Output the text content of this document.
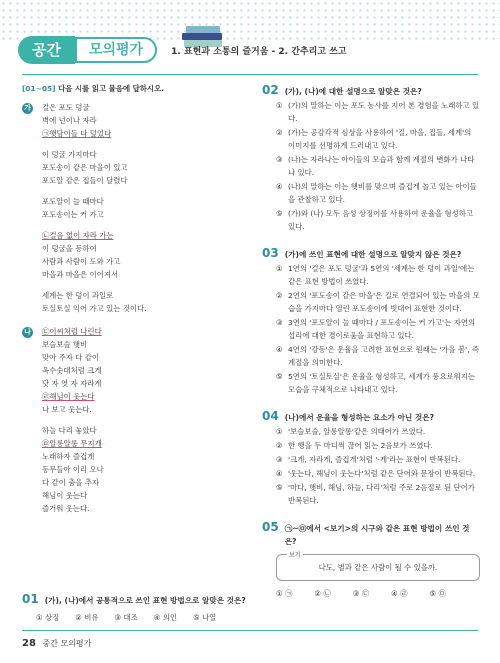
공간	모의평가	1. 표현과 소통의 즐거움 - 2. 간추리고 쓰고
[01~05] 다음 시를 읽고 물음에 답하시오.
가 걸은 포도 덩굴
벽에 넌이나 자라
㉠햇담이들 다 덮었다
이 덩굴 가지마다
포도송이 같은 마을이 있고
포도알 같은 집들이 달렸다
포도알이 늘 때마다
포도송이는 커 가고
㉡걸음 없이 자라 가는
이 덩굴을 동하여
사람과 사람이 도와 가고
마을과 마을은 이어져서
세계는 한 덩이 과일로
토실토실 익어 가고 있는 것이다.
나 ㉢이씨처럼 나린다
보슬보슬 햇비
맞아 주자 다 같이
옥수숫대처럼 크게
닷 자 엿 자 자라게
㉣해님이 웃는다
나 보고 웃는다.
하늘 다리 놓았다
㉤알롱알롱 무지개
노래하자 즐겁게
동무들아 이리 오나
다 같이 춤을 추자
해님이 웃는다
즐거워 웃는다.
01 (가), (나)에서 공통적으로 쓰인 표현 방법으로 알맞은 것은?
① 상징 ② 비유 ③ 대조 ④ 의인 ⑤ 나열
02 (가), (나)에 대한 설명으로 알맞은 것은?
① (가)의 말하는 이는 포도 농사를 지어 본 경험을 노래하고 있다.
② (가)는 공감각적 심상을 사용하여 '길, 마을, 집들, 세계'의 이미지를 선명하게 드러내고 있다.
③ (나)는 자라나는 아이들의 모습과 함께 계절의 변화가 나타나 있다.
④ (나)의 말하는 이는 햇비를 맞으며 즐겁게 놀고 있는 아이들을 관찰하고 있다.
⑤ (가)와 (나) 모두 음성 상징어를 사용하여 운율을 형성하고 있다.
03 (가)에 쓰인 표현에 대한 설명으로 알맞지 않은 것은?
① 1연의 '걸은 포도 덩굴'과 5연의 '세계는 한 덩이 과일'에는 같은 표현 방법이 쓰였다.
② 2연의 '포도송이 같은 마을'은 길로 연결되어 있는 마을의 모습을 가지마다 열린 포도송이에 빗대어 표현한 것이다.
③ 3연의 '포도알이 늘 때마다 / 포도송이는 커 가고'는 자연의 섭리에 대한 경이로움을 표현하고 있다.
④ 4연의 '강동'은 운율을 고려한 표현으로 원래는 '가을 봄', 즉 계절을 의미한다.
⑤ 5연의 '토실토실'은 운율을 형성하고, 세계가 풍요로워지는 모습을 구체적으로 나타내고 있다.
04 (나)에서 운율을 형성하는 요소가 아닌 것은?
① '보슬보슬, 알롱알롱'같은 의태어가 쓰였다.
② 한 행을 두 마디씩 끊어 읽는 2음보가 쓰였다.
③ '크게, 자라게, 즐겁게'처럼 '-게'라는 표현이 반복된다.
④ '웃는다, 해님이 웃는다'처럼 같은 단어와 문장이 반복된다.
⑤ '마다, 햇비, 해님, 하늘, 다리'처럼 주로 2음절로 된 단어가 반복된다.
05 ㉠~㉤에서 <보기>의 시구와 같은 표현 방법이 쓰인 것은?
보기
나도, 별과 같은 사람이 될 수 있을까.
① ㉠	② ㉡	③ ㉢	④ ㉣	⑤ ㉤
28 중간 모의평가
